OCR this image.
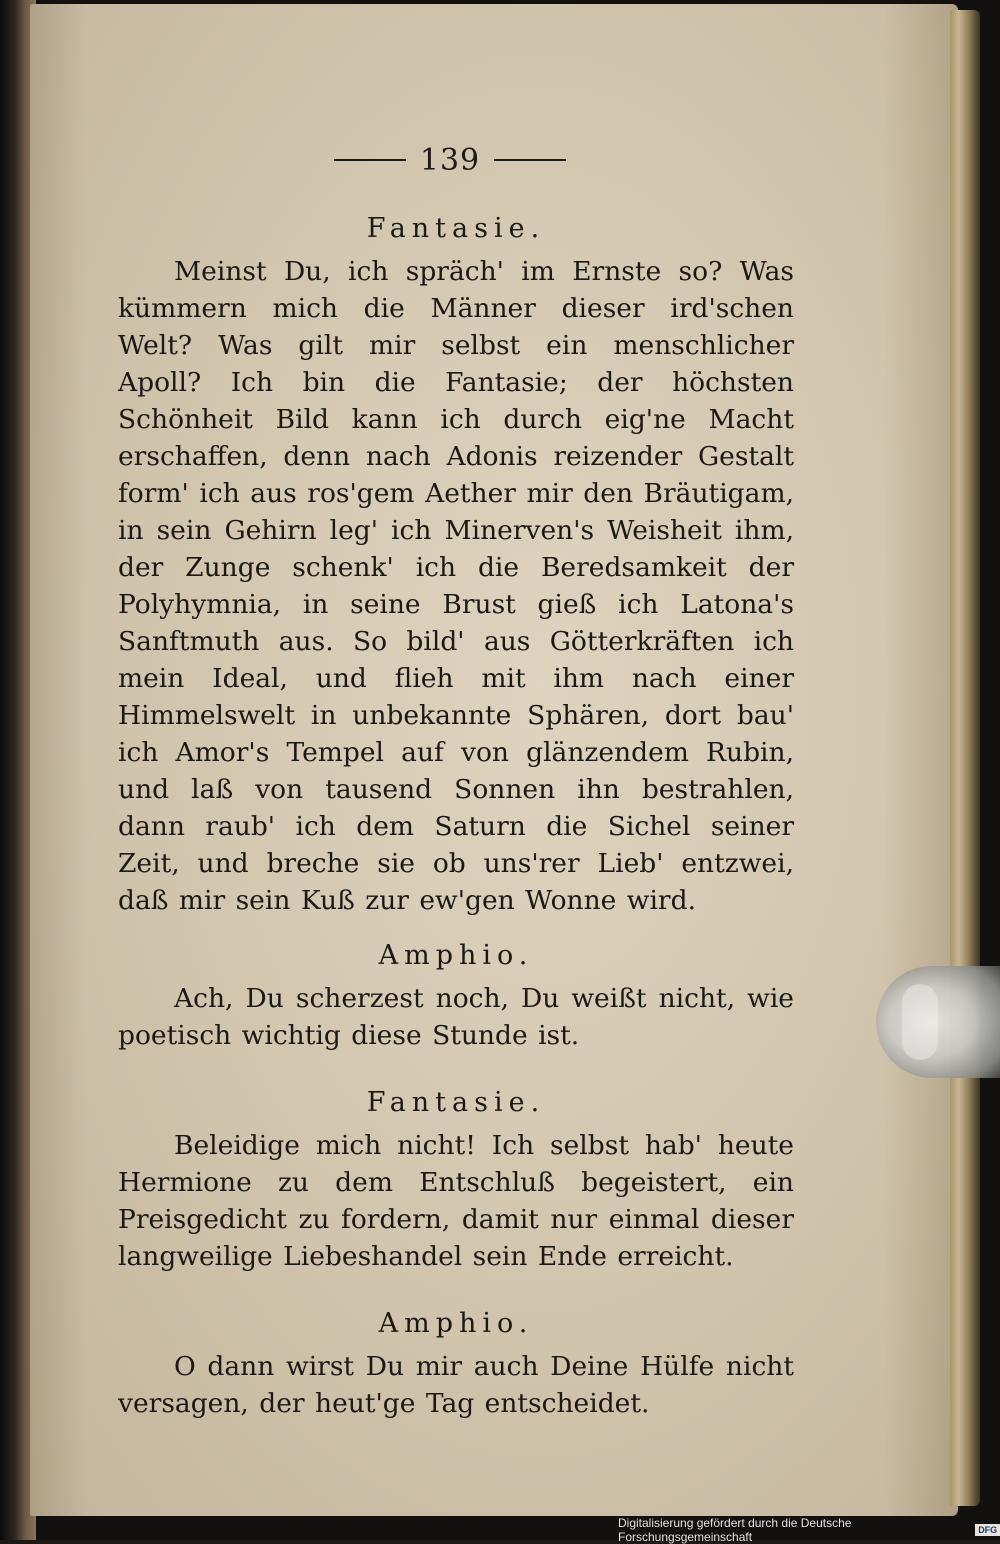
139
Fantasie.
Meinst Du, ich spräch' im Ernste so? Was kümmern mich die Männer dieser ird'schen Welt? Was gilt mir selbst ein menschlicher Apoll? Ich bin die Fantasie; der höchsten Schönheit Bild kann ich durch eig'ne Macht erschaffen, denn nach Adonis reizender Gestalt form' ich aus ros'gem Aether mir den Bräutigam, in sein Gehirn leg' ich Minerven's Weisheit ihm, der Zunge schenk' ich die Beredsamkeit der Polyhymnia, in seine Brust gieß ich Latona's Sanftmuth aus. So bild' aus Götterkräften ich mein Ideal, und flieh mit ihm nach einer Himmelswelt in unbekannte Sphären, dort bau' ich Amor's Tempel auf von glänzendem Rubin, und laß von tausend Sonnen ihn bestrahlen, dann raub' ich dem Saturn die Sichel seiner Zeit, und breche sie ob uns'rer Lieb' entzwei, daß mir sein Kuß zur ew'gen Wonne wird.
Amphio.
Ach, Du scherzest noch, Du weißt nicht, wie poetisch wichtig diese Stunde ist.
Fantasie.
Beleidige mich nicht! Ich selbst hab' heute Hermione zu dem Entschluß begeistert, ein Preisgedicht zu fordern, damit nur einmal dieser langweilige Liebeshandel sein Ende erreicht.
Amphio.
O dann wirst Du mir auch Deine Hülfe nicht versagen, der heut'ge Tag entscheidet.
Digitalisierung gefördert durch die Deutsche Forschungsgemeinschaft	DFG
